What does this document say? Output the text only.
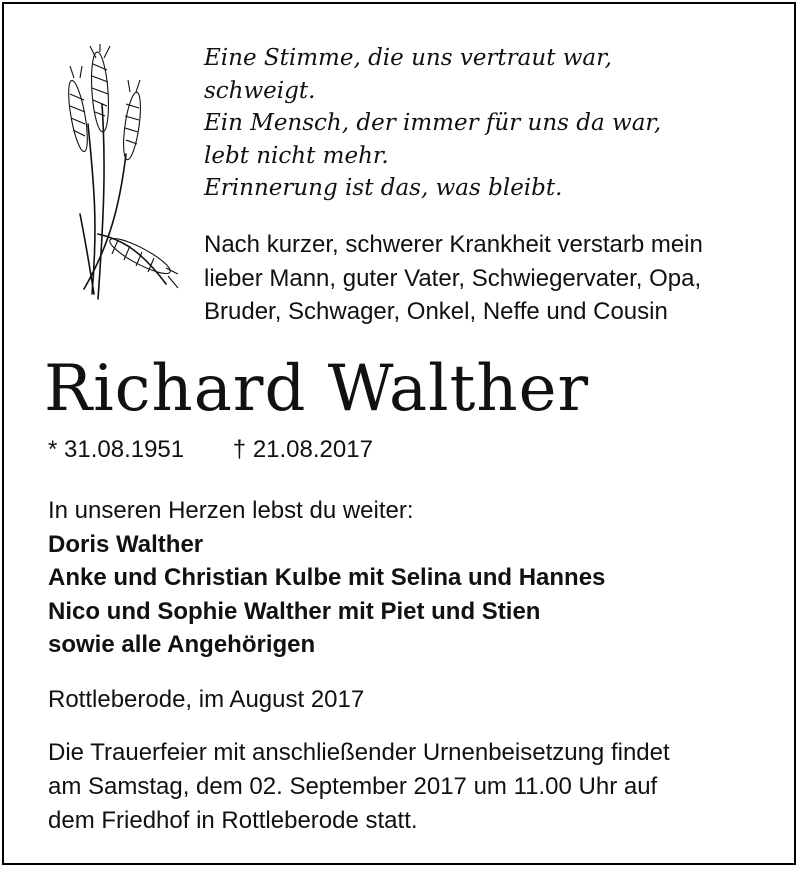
Eine Stimme, die uns vertraut war,
schweigt.
Ein Mensch, der immer für uns da war,
lebt nicht mehr.
Erinnerung ist das, was bleibt.
Nach kurzer, schwerer Krankheit verstarb mein
lieber Mann, guter Vater, Schwiegervater, Opa,
Bruder, Schwager, Onkel, Neffe und Cousin
Richard Walther
* 31.08.1951 † 21.08.2017
In unseren Herzen lebst du weiter:
Doris Walther
Anke und Christian Kulbe mit Selina und Hannes
Nico und Sophie Walther mit Piet und Stien
sowie alle Angehörigen
Rottleberode, im August 2017
Die Trauerfeier mit anschließender Urnenbeisetzung findet
am Samstag, dem 02. September 2017 um 11.00 Uhr auf
dem Friedhof in Rottleberode statt.
